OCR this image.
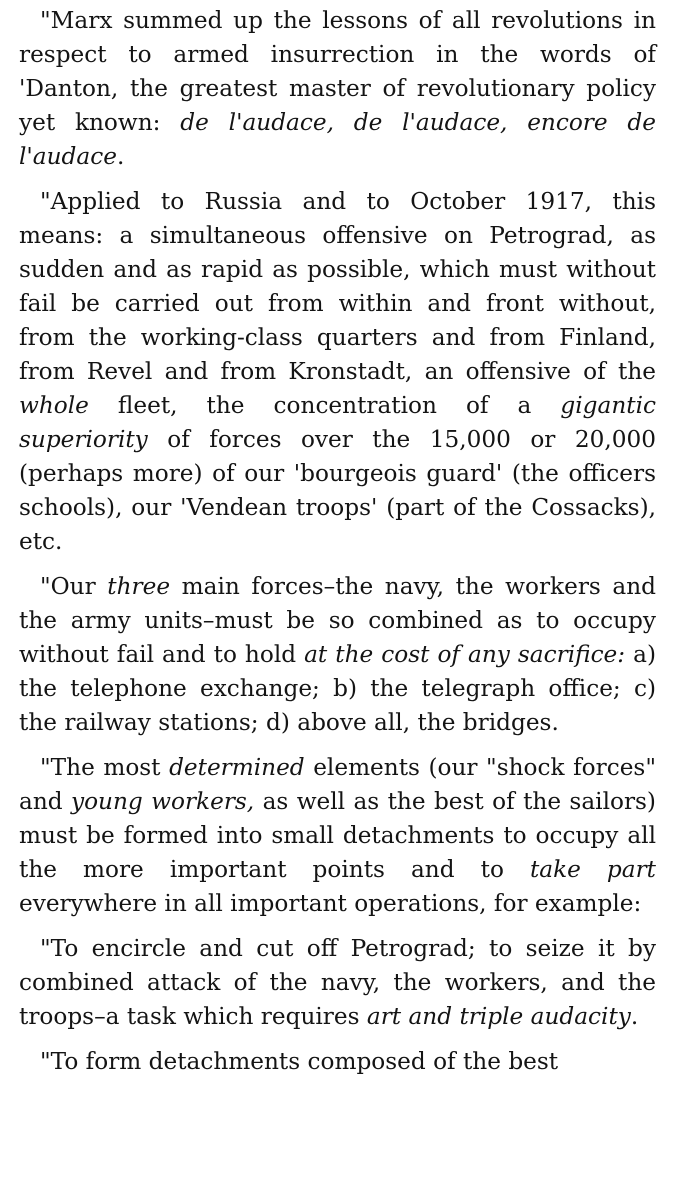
"Marx summed up the lessons of all revolutions in respect to armed insurrection in the words of 'Danton, the greatest master of revolutionary policy yet known: de l'audace, de l'audace, encore de l'audace.

"Applied to Russia and to October 1917, this means: a simultaneous offensive on Petrograd, as sudden and as rapid as possible, which must without fail be carried out from within and front without, from the working-class quarters and from Finland, from Revel and from Kronstadt, an offensive of the whole fleet, the concentration of a gigantic superiority of forces over the 15,000 or 20,000 (perhaps more) of our 'bourgeois guard' (the officers schools), our 'Vendean troops' (part of the Cossacks), etc.

"Our three main forces–the navy, the workers and the army units–must be so combined as to occupy without fail and to hold at the cost of any sacrifice: a) the telephone exchange; b) the telegraph office; c) the railway stations; d) above all, the bridges.

"The most determined elements (our "shock forces" and young workers, as well as the best of the sailors) must be formed into small detachments to occupy all the more important points and to take part everywhere in all important operations, for example:

"To encircle and cut off Petrograd; to seize it by combined attack of the navy, the workers, and the troops–a task which requires art and triple audacity.

"To form detachments composed of the best
